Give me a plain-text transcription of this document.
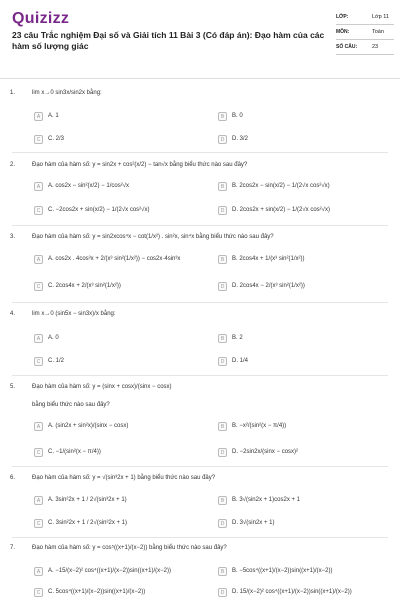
Quizizz
23 câu Trắc nghiệm Đại số và Giải tích 11 Bài 3 (Có đáp án): Đạo hàm của các hàm số lượng giác
LỚP:	Lớp 11
MÔN:	Toán
SỐ CÂU:	23
1.	lim x→0 sin3x/sin2x bằng:
A	A. 1	B	B. 0
C	C. 2/3	D	D. 3/2
2.	Đạo hàm của hàm số: y = sin2x + cos²(x/2) − tan√x bằng biểu thức nào sau đây?
A	A. cos2x − sin²(x/2) − 1/cos²√x	B	B. 2cos2x − sin(x/2) − 1/(2√x cos²√x)
C	C. −2cos2x + sin(x/2) − 1/(2√x cos²√x)	D	D. 2cos2x + sin(x/2) − 1/(2√x cos²√x)
3.	Đạo hàm của hàm số: y = sin2xcos⁴x − cot(1/x²) . sin²x, sin⁴x bằng biểu thức nào sau đây?
A	A. cos2x . 4cos³x + 2/(x³ sin²(1/x²)) − cos2x·4sin³x	B	B. 2cos4x + 1/(x³ sin²(1/x²))
C	C. 2cos4x + 2/(x³ sin²(1/x²))	D	D. 2cos4x − 2/(x³ sin²(1/x²))
4.	lim x→0 (sin5x − sin3x)/x bằng:
A	A. 0	B	B. 2
C	C. 1/2	D	D. 1/4
5.	Đạo hàm của hàm số: y = (sinx + cosx)/(sinx − cosx)
bằng biểu thức nào sau đây?
A	A. (sin2x + sin²x)/(sinx − cosx)	B	B. −x²/(sin²(x − π/4))
C	C. −1/(sin²(x − π/4))	D	D. −2sin2x/(sinx − cosx)²
6.	Đạo hàm của hàm số: y = √(sin³2x + 1) bằng biểu thức nào sau đây?
A	A. 3sin²2x + 1 / 2√(sin³2x + 1)	B	B. 3√(sin2x + 1)cos2x + 1
C	C. 3sin²2x + 1 / 2√(sin³2x + 1)	D	D. 3√(sin2x + 1)
7.	Đạo hàm của hàm số: y = cos⁵((x+1)/(x−2)) bằng biểu thức nào sau đây?
A	A. −15/(x−2)² cos⁴((x+1)/(x−2))sin((x+1)/(x−2))	B	B. −5cos⁴((x+1)/(x−2))sin((x+1)/(x−2))
C	C. 5cos⁴((x+1)/(x−2))sin((x+1)/(x−2))	D	D. 15/(x−2)² cos⁴((x+1)/(x−2))sin((x+1)/(x−2))
